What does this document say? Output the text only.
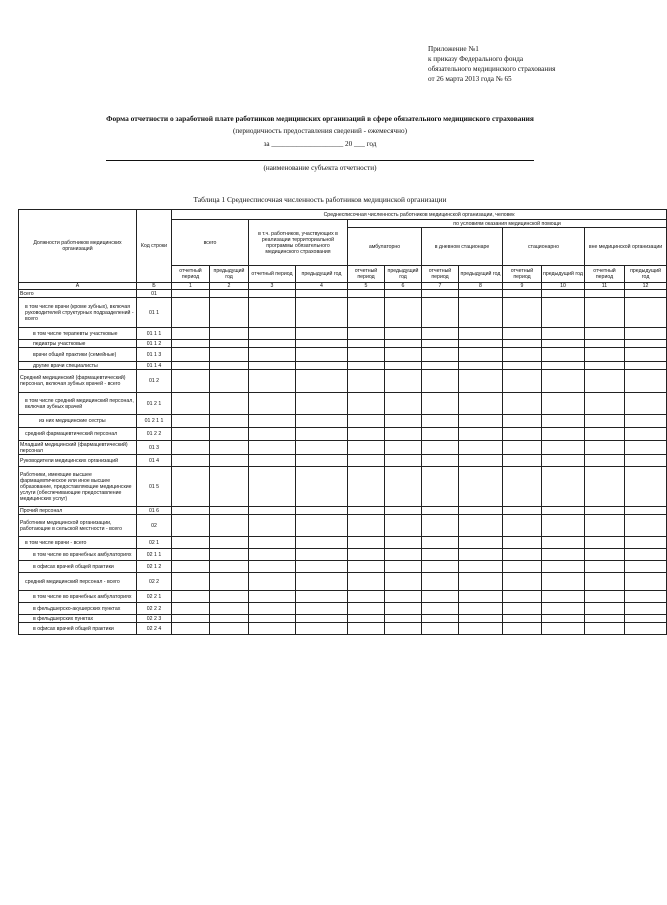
Приложение №1
к приказу Федерального фонда
обязательного медицинского страхования
от 26 марта 2013 года № 65
Форма отчетности о заработной плате работников медицинских организаций в сфере обязательного медицинского страхования
(периодичность предоставления сведений - ежемесячно)
за ____________________ 20 ___ год
(наименование субъекта отчетности)
Таблица 1 Среднесписочная численность работников медицинской организации
Должности работников медицинских организаций	Код строки	Среднесписочная численность работников медицинской организации, человек											
		всего		в т.ч. работников, участвующих в реализации территориальной программы обязательного медицинского страхования		по условиям оказания медицинской помощи							
						амбулаторно		в дневном стационаре		стационарно		вне медицинской организации	
		отчетный период	предыдущий год	отчетный период	предыдущий год	отчетный период	предыдущий год	отчетный период	предыдущий год	отчетный период	предыдущий год	отчетный период	предыдущий год
А	Б	1	2	3	4	5	6	7	8	9	10	11	12
Всего	01												
в том числе врачи (кроме зубных), включая руководителей структурных подразделений - всего	01 1												
в том числе терапевты участковые	01 1 1												
педиатры участковые	01 1 2												
врачи общей практики (семейные)	01 1 3												
другие врачи специалисты	01 1 4												
Средний медицинский (фармацевтический) персонал, включая зубных врачей - всего	01 2												
в том числе средний медицинский персонал, включая зубных врачей	01 2 1												
из них медицинские сестры	01 2 1 1												
средний фармацевтический персонал	01 2 2												
Младший медицинский (фармацевтический) персонал	01 3												
Руководители медицинских организаций	01 4												
Работники, имеющие высшее фармацевтическое или иное высшее образование, предоставляющие медицинские услуги (обеспечивающие предоставление медицинских услуг)	01 5												
Прочий персонал	01 6												
Работники медицинской организации, работающие в сельской местности - всего	02												
в том числе врачи - всего	02 1												
в том числе во врачебных амбулаториях	02 1 1												
в офисах врачей общей практики	02 1 2												
средний медицинский персонал - всего	02 2												
в том числе во врачебных амбулаториях	02 2 1												
в фельдшерско-акушерских пунктах	02 2 2												
в фельдшерских пунктах	02 2 3												
в офисах врачей общей практики	02 2 4												
